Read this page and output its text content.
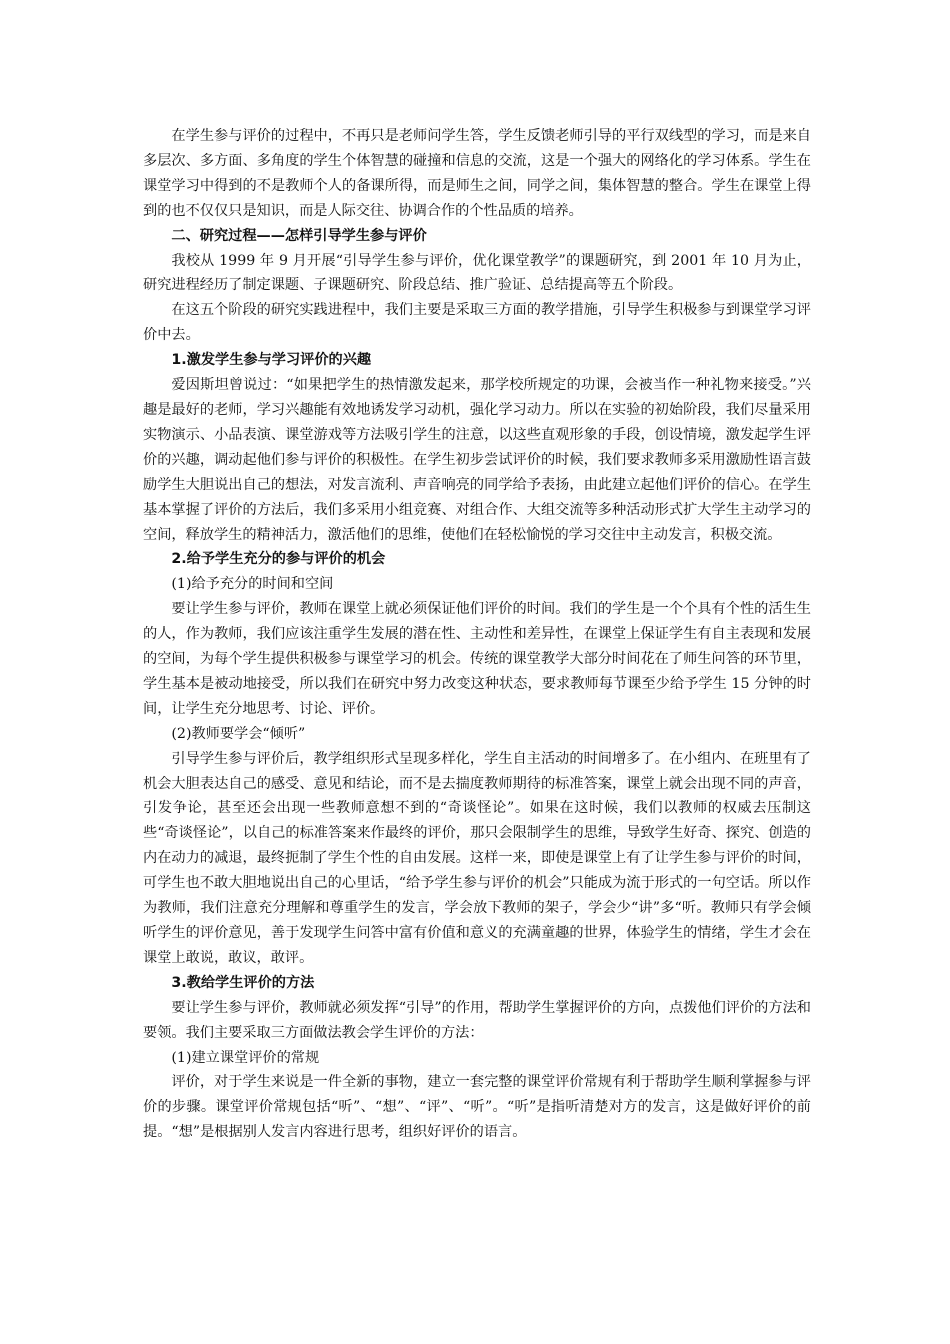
在学生参与评价的过程中，不再只是老师问学生答，学生反馈老师引导的平行双线型的学习，而是来自多层次、多方面、多角度的学生个体智慧的碰撞和信息的交流，这是一个强大的网络化的学习体系。学生在课堂学习中得到的不是教师个人的备课所得，而是师生之间，同学之间，集体智慧的整合。学生在课堂上得到的也不仅仅只是知识，而是人际交往、协调合作的个性品质的培养。

二、研究过程——怎样引导学生参与评价

我校从 1999 年 9 月开展“引导学生参与评价，优化课堂教学”的课题研究，到 2001 年 10 月为止，研究进程经历了制定课题、子课题研究、阶段总结、推广验证、总结提高等五个阶段。

在这五个阶段的研究实践进程中，我们主要是采取三方面的教学措施，引导学生积极参与到课堂学习评价中去。

1.激发学生参与学习评价的兴趣

爱因斯坦曾说过：“如果把学生的热情激发起来，那学校所规定的功课，会被当作一种礼物来接受。”兴趣是最好的老师，学习兴趣能有效地诱发学习动机，强化学习动力。所以在实验的初始阶段，我们尽量采用实物演示、小品表演、课堂游戏等方法吸引学生的注意，以这些直观形象的手段，创设情境，激发起学生评价的兴趣，调动起他们参与评价的积极性。在学生初步尝试评价的时候，我们要求教师多采用激励性语言鼓励学生大胆说出自己的想法，对发言流利、声音响亮的同学给予表扬，由此建立起他们评价的信心。在学生基本掌握了评价的方法后，我们多采用小组竞赛、对组合作、大组交流等多种活动形式扩大学生主动学习的空间，释放学生的精神活力，激活他们的思维，使他们在轻松愉悦的学习交往中主动发言，积极交流。

2.给予学生充分的参与评价的机会

(1)给予充分的时间和空间

要让学生参与评价，教师在课堂上就必须保证他们评价的时间。我们的学生是一个个具有个性的活生生的人，作为教师，我们应该注重学生发展的潜在性、主动性和差异性，在课堂上保证学生有自主表现和发展的空间，为每个学生提供积极参与课堂学习的机会。传统的课堂教学大部分时间花在了师生问答的环节里，学生基本是被动地接受，所以我们在研究中努力改变这种状态，要求教师每节课至少给予学生 15 分钟的时间，让学生充分地思考、讨论、评价。

(2)教师要学会“倾听”

引导学生参与评价后，教学组织形式呈现多样化，学生自主活动的时间增多了。在小组内、在班里有了机会大胆表达自己的感受、意见和结论，而不是去揣度教师期待的标准答案，课堂上就会出现不同的声音，引发争论，甚至还会出现一些教师意想不到的“奇谈怪论”。如果在这时候，我们以教师的权威去压制这些“奇谈怪论”，以自己的标准答案来作最终的评价，那只会限制学生的思维，导致学生好奇、探究、创造的内在动力的减退，最终扼制了学生个性的自由发展。这样一来，即使是课堂上有了让学生参与评价的时间，可学生也不敢大胆地说出自己的心里话，“给予学生参与评价的机会”只能成为流于形式的一句空话。所以作为教师，我们注意充分理解和尊重学生的发言，学会放下教师的架子，学会少“讲”多“听。教师只有学会倾听学生的评价意见，善于发现学生问答中富有价值和意义的充满童趣的世界，体验学生的情绪，学生才会在课堂上敢说，敢议，敢评。

3.教给学生评价的方法

要让学生参与评价，教师就必须发挥“引导”的作用，帮助学生掌握评价的方向，点拨他们评价的方法和要领。我们主要采取三方面做法教会学生评价的方法：

(1)建立课堂评价的常规

评价，对于学生来说是一件全新的事物，建立一套完整的课堂评价常规有利于帮助学生顺利掌握参与评价的步骤。课堂评价常规包括“听”、“想”、“评”、“听”。“听”是指听清楚对方的发言，这是做好评价的前提。“想”是根据别人发言内容进行思考，组织好评价的语言。
